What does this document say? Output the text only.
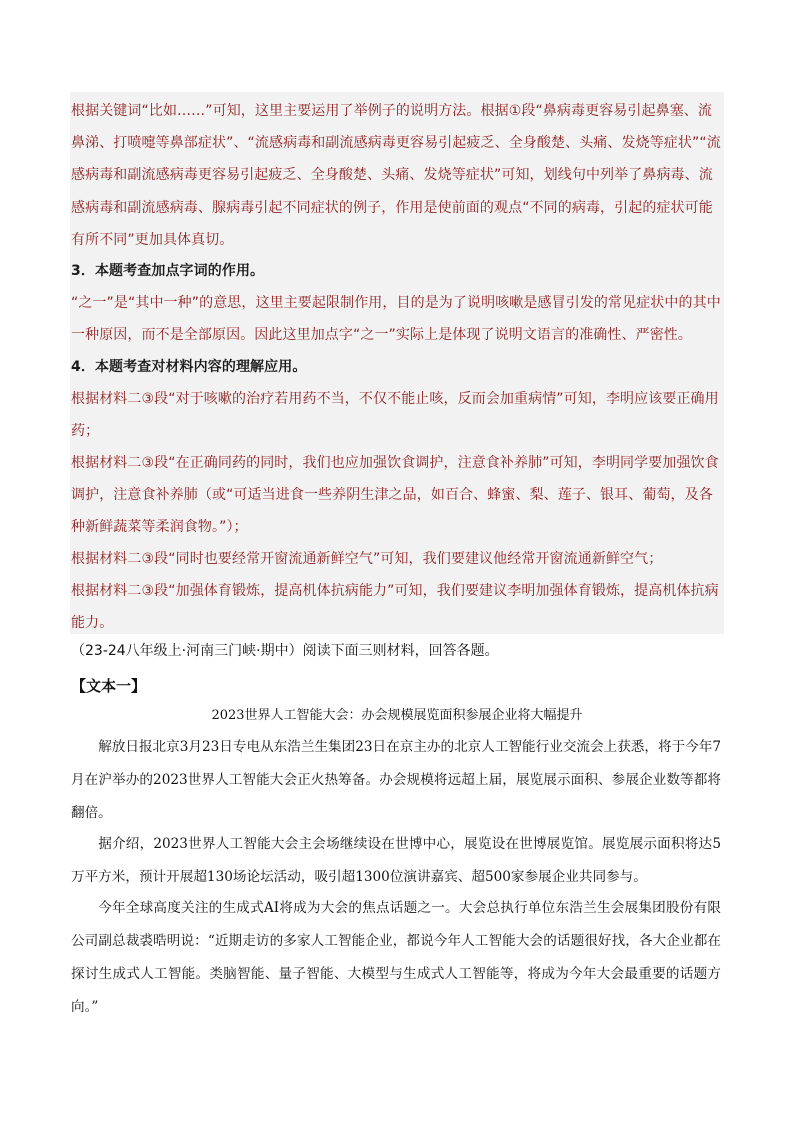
根据关键词“比如……”可知，这里主要运用了举例子的说明方法。根据①段“鼻病毒更容易引起鼻塞、流鼻涕、打喷嚏等鼻部症状”、“流感病毒和副流感病毒更容易引起疲乏、全身酸楚、头痛、发烧等症状”“流感病毒和副流感病毒更容易引起疲乏、全身酸楚、头痛、发烧等症状”可知，划线句中列举了鼻病毒、流感病毒和副流感病毒、腺病毒引起不同症状的例子，作用是使前面的观点“不同的病毒，引起的症状可能有所不同”更加具体真切。

3．本题考查加点字词的作用。

“之一”是“其中一种”的意思，这里主要起限制作用，目的是为了说明咳嗽是感冒引发的常见症状中的其中一种原因，而不是全部原因。因此这里加点字“之一”实际上是体现了说明文语言的准确性、严密性。

4．本题考查对材料内容的理解应用。

根据材料二③段“对于咳嗽的治疗若用药不当，不仅不能止咳，反而会加重病情”可知，李明应该要正确用药；

根据材料二③段“在正确同药的同时，我们也应加强饮食调护，注意食补养肺”可知，李明同学要加强饮食调护，注意食补养肺（或“可适当进食一些养阴生津之品，如百合、蜂蜜、梨、莲子、银耳、葡萄，及各种新鲜蔬菜等柔润食物。”）；

根据材料二③段“同时也要经常开窗流通新鲜空气”可知，我们要建议他经常开窗流通新鲜空气；

根据材料二③段“加强体育锻炼，提高机体抗病能力”可知，我们要建议李明加强体育锻炼，提高机体抗病能力。

（23-24八年级上·河南三门峡·期中）阅读下面三则材料，回答各题。

【文本一】

2023世界人工智能大会：办会规模展览面积参展企业将大幅提升

解放日报北京3月23日专电从东浩兰生集团23日在京主办的北京人工智能行业交流会上获悉，将于今年7月在沪举办的2023世界人工智能大会正火热筹备。办会规模将远超上届，展览展示面积、参展企业数等都将翻倍。

据介绍，2023世界人工智能大会主会场继续设在世博中心，展览设在世博展览馆。展览展示面积将达5万平方米，预计开展超130场论坛活动，吸引超1300位演讲嘉宾、超500家参展企业共同参与。

今年全球高度关注的生成式AI将成为大会的焦点话题之一。大会总执行单位东浩兰生会展集团股份有限公司副总裁裘晧明说：“近期走访的多家人工智能企业，都说今年人工智能大会的话题很好找，各大企业都在探讨生成式人工智能。类脑智能、量子智能、大模型与生成式人工智能等，将成为今年大会最重要的话题方向。”
